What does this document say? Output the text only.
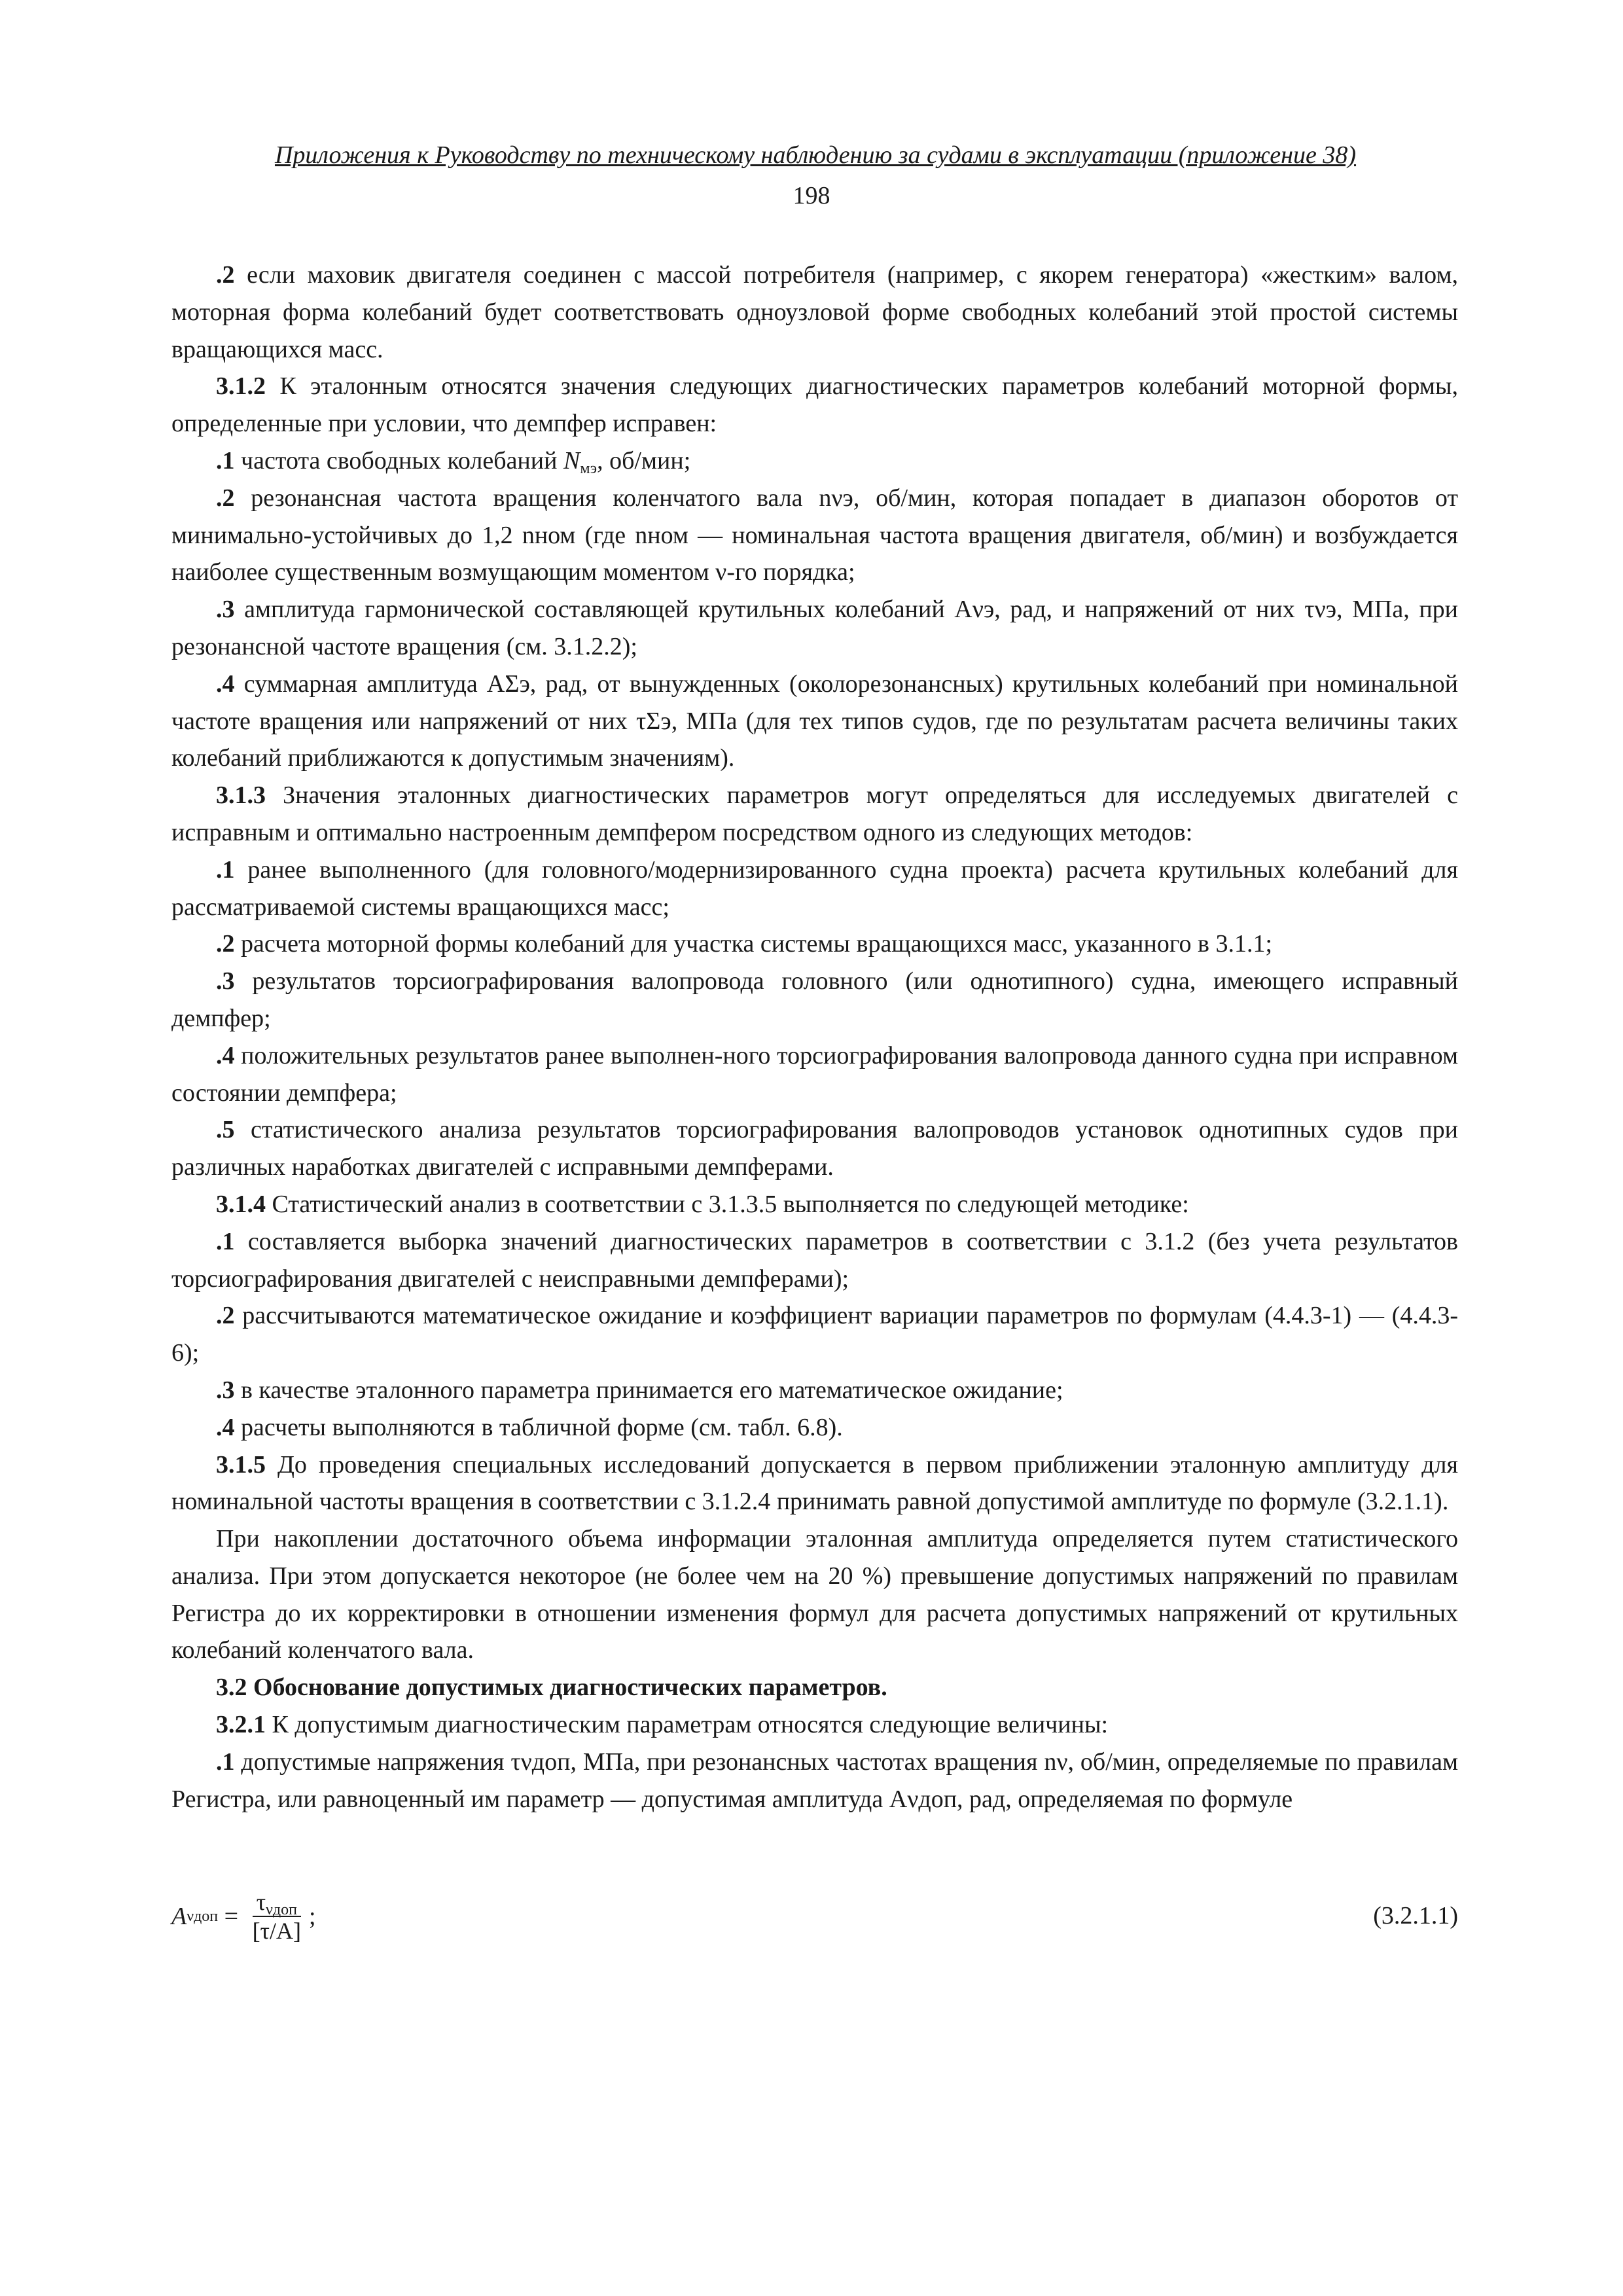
Приложения к Руководству по техническому наблюдению за судами в эксплуатации (приложение 38)
198

.2 если маховик двигателя соединен с массой потребителя (например, с якорем генератора) «жестким» валом, моторная форма колебаний будет соответствовать одноузловой форме свободных колебаний этой простой системы вращающихся масс.

3.1.2 К эталонным относятся значения следующих диагностических параметров колебаний моторной формы, определенные при условии, что демпфер исправен:

.1 частота свободных колебаний $N_{мэ}$, об/мин;

.2 резонансная частота вращения коленчатого вала nνэ, об/мин, которая попадает в диапазон оборотов от минимально-устойчивых до 1,2 nном (где nном — номинальная частота вращения двигателя, об/мин) и возбуждается наиболее существенным возмущающим моментом ν-го порядка;

.3 амплитуда гармонической составляющей крутильных колебаний Aνэ, рад, и напряжений от них τνэ, МПа, при резонансной частоте вращения (см. 3.1.2.2);

.4 суммарная амплитуда AΣэ, рад, от вынужденных (околорезонансных) крутильных колебаний при номинальной частоте вращения или напряжений от них τΣэ, МПа (для тех типов судов, где по результатам расчета величины таких колебаний приближаются к допустимым значениям).

3.1.3 Значения эталонных диагностических параметров могут определяться для исследуемых двигателей с исправным и оптимально настроенным демпфером посредством одного из следующих методов:

.1 ранее выполненного (для головного/модернизированного судна проекта) расчета крутильных колебаний для рассматриваемой системы вращающихся масс;

.2 расчета моторной формы колебаний для участка системы вращающихся масс, указанного в 3.1.1;

.3 результатов торсиографирования валопровода головного (или однотипного) судна, имеющего исправный демпфер;

.4 положительных результатов ранее выполнен-ного торсиографирования валопровода данного судна при исправном состоянии демпфера;

.5 статистического анализа результатов торсиографирования валопроводов установок однотипных судов при различных наработках двигателей с исправными демпферами.

3.1.4 Статистический анализ в соответствии с 3.1.3.5 выполняется по следующей методике:

.1 составляется выборка значений диагностических параметров в соответствии с 3.1.2 (без учета результатов торсиографирования двигателей с неисправными демпферами);

.2 рассчитываются математическое ожидание и коэффициент вариации параметров по формулам (4.4.3-1) — (4.4.3-6);

.3 в качестве эталонного параметра принимается его математическое ожидание;

.4 расчеты выполняются в табличной форме (см. табл. 6.8).

3.1.5 До проведения специальных исследований допускается в первом приближении эталонную амплитуду для номинальной частоты вращения в соответствии с 3.1.2.4 принимать равной допустимой амплитуде по формуле (3.2.1.1).

При накоплении достаточного объема информации эталонная амплитуда определяется путем статистического анализа. При этом допускается некоторое (не более чем на 20 %) превышение допустимых напряжений по правилам Регистра до их корректировки в отношении изменения формул для расчета допустимых напряжений от крутильных колебаний коленчатого вала.

3.2 Обоснование допустимых диагностических параметров.

3.2.1 К допустимым диагностическим параметрам относятся следующие величины:

.1 допустимые напряжения τνдоп, МПа, при резонансных частотах вращения nν, об/мин, определяемые по правилам Регистра, или равноценный им параметр — допустимая амплитуда Aνдоп, рад, определяемая по формуле

A $\nu доп = \frac{\tau_{\nu доп}}{[\tau/A]}$ ;	(3.2.1.1)
